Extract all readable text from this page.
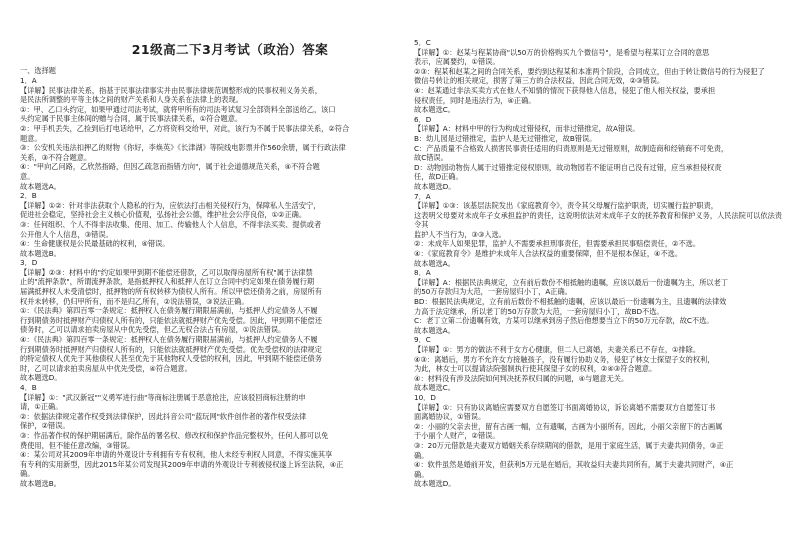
21级高二下3月考试（政治）答案
一、选择题
1．A
【详解】民事法律关系，指基于民事法律事实并由民事法律规范调整形成的民事权利义务关系，
是民法所调整的平等主体之间的财产关系和人身关系在法律上的表现。
①：甲、乙口头约定，如果甲通过司法考试，就将甲所有的司法考试复习全部资料全部送给乙，该口
头约定属于民事主体间的赠与合同，属于民事法律关系，①符合题意。
②：甲手机丢失，乙捡到后打电话给甲，乙方将资料交给甲，对此，该行为不属于民事法律关系，②符合
题意。
③：公安机关违法扣押乙的财物《你好，李焕英》《长津湖》等院线电影票并作560余册，属于行政法律
关系，③不符合题意。
④："甲向乙问路，乙欣然指路，但因乙疏忽而指错方向"，属于社会道德规范关系，④不符合题
意。
故本题选A。
2．B
【详解】①②：针对非法获取个人隐私的行为，应依法打击相关侵权行为，保障私人生活安宁，
促进社会稳定，坚持社会主义核心价值观，弘扬社会公德，维护社会公序良俗，①②正确。
③：任何组织、个人不得非法收集、使用、加工、传输他人个人信息，不得非法买卖、提供或者
公开他人个人信息，③错误。
④：生命健康权是公民最基础的权利，④错误。
故本题选B。
3．D
【详解】②③：材料中的"约定如果甲到期不能偿还借款，乙可以取得房屋所有权"属于法律禁
止的"流押条款"，所谓流押条款，是指抵押权人和抵押人在订立合同中约定如果在债务履行期
届满抵押权人未受清偿时，抵押物的所有权转移为债权人所有。所以甲偿还债务之前，房屋所有
权并未转移，仍归甲所有，而不是归乙所有，②说法错误，③说法正确。
①：《民法典》第四百零一条规定：抵押权人在债务履行期限届满前，与抵押人约定债务人不履
行到期债务时抵押财产归债权人所有的，只能依法就抵押财产优先受偿。因此，甲到期不能偿还
债务时，乙可以请求拍卖房屋从中优先受偿，但乙无权合法占有房屋，①说法错误。
④：《民法典》第四百零一条规定：抵押权人在债务履行期限届满前，与抵押人约定债务人不履
行到期债务时抵押财产归债权人所有的，只能依法就抵押财产优先受偿。优先受偿权的法律规定
的特定债权人优先于其他债权人甚至优先于其他物权人受偿的权利，因此，甲到期不能偿还债务
时，乙可以请求拍卖房屋从中优先受偿，④符合题意。
故本题选D。
4．B
【详解】①："武汉新冠""义勇军进行曲"等商标注册属于恶意抢注，应该驳回商标注册的申
请，①正确。
②：依据法律规定著作权受到法律保护，因此抖音公司"蓝玩网"软件创作者的著作权受法律
保护，②错误。
③：作品著作权的保护期届满后，除作品的署名权、修改权和保护作品完整权外，任何人都可以免
费使用，但不能任意改编，③错误。
④：某公司对其2009年申请的外观设计专利拥有专有权利，他人未经专利权人同意，不得实施其享
有专利的实用新型，因此2015年某公司发现其2009年申请的外观设计专利被侵权遂上诉至法院，④正
确。
故本题选B。
5．C
【详解】①：赵某与程某协商"以50万的价格购买九个微信号"，是希望与程某订立合同的意思
表示，应属要约，①错误。
②③：程某和赵某之间的合同关系，要约到达程某和本准两个阶段，合同成立，但由于转让微信号的行为侵犯了
微信号转让的相关规定，损害了第三方的合法权益，因此合同无效，②③错误。
④：赵某通过非法买卖方式在他人不知情的情况下获得他人信息，侵犯了他人相关权益，要承担
侵权责任，同时是违法行为，④正确。
故本题选C。
6．D
【详解】A：材料中甲的行为构成过错侵权，而非过错推定，故A错误。
B：幼儿园是过错推定，监护人是无过错推定，故B错误。
C：产品质量不合格致人损害民事责任适用的归责原则是无过错原则，故制造商和经销商不可免责，
故C错误。
D：动物园动物伤人属于过错推定侵权原则，故动物园若不能证明自己没有过错，应当承担侵权责
任，故D正确。
故本题选D。
7．A
【详解】①③：该基层法院发出《家庭教育令》，责令其父母履行监护职责，切实履行监护职责，
这表明父母要对未成年子女承担监护的责任，这说明依法对未成年子女的抚养教育和保护义务，人民法院可以依法责令其
监护人不当行为，③③入选。
②：未成年人如果犯罪，监护人不需要承担刑事责任，但需要承担民事赔偿责任，②不选。
④：《家庭教育令》是维护未成年人合法权益的重要保障，但不是根本保证，④不选。
故本题选A。
8．A
【详解】A：根据民法典规定，立有前后数份不相抵触的遗嘱，应该以最后一份遗嘱为主，所以老丁
的50万存款归为大范，一套房屋归小丁，A正确。
BD：根据民法典规定，立有前后数份不相抵触的遗嘱，应该以最后一份遗嘱为主，且遗嘱的法律效
力高于法定继承，所以老丁的50万存款为大范，一套房屋归小丁，故BD不选。
C：老丁立第二份遗嘱有效，方某可以继承到房子然后他想要当立下的50万元存款，故C不选。
故本题选A。
9．C
【详解】①：男方的做法不利于女方心健康，但二人已离婚，夫妻关系已不存在，①排除。
④③：离婚后，男方不允许女方接触孩子，没有履行协助义务，侵犯了林女士探望子女的权利，
为此，林女士可以提请法院强制执行使其探望子女的权利，②④③符合题意。
④：材料没有涉及法院如何判决抚养权归属的问题，④与题意无关。
故本题选C。
10．D
【详解】①：只有协议离婚应需要双方自愿签订书面离婚协议，诉讼离婚不需要双方自愿签订书
面离婚协议，①错误。
②：小丽的父亲去世，留有古画一幅，立有遗嘱，古画为小丽所有，因此，小丽父亲留下的古画属
于小丽个人财产，②错误。
③：20万元借款是夫妻双方婚姻关系存续期间的借款，是用于家庭生活，属于夫妻共同债务，③正
确。
④：软件虽然是婚前开发，但获利5万元是在婚后，其收益归夫妻共同所有，属于夫妻共同财产，④正
确。
故本题选D。
